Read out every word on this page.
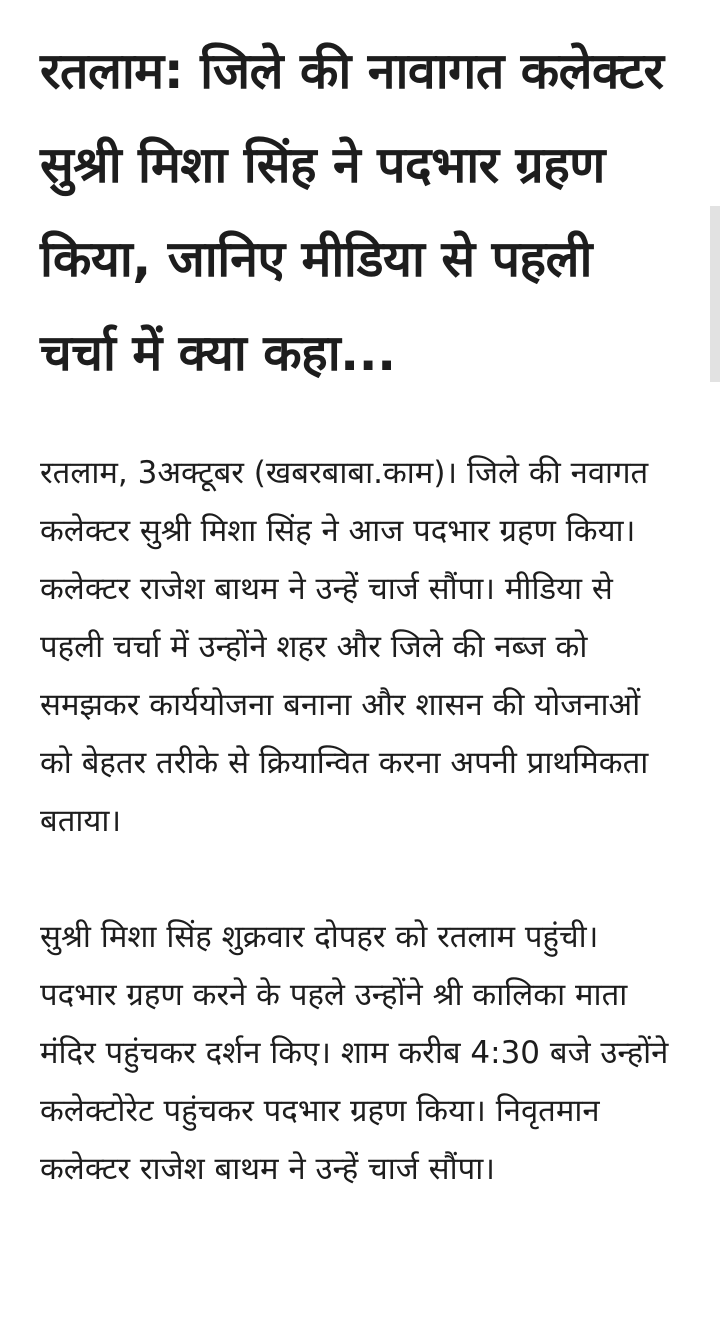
रतलाम: जिले की नावागत कलेक्टर सुश्री मिशा सिंह ने पदभार ग्रहण किया, जानिए मीडिया से पहली चर्चा में क्या कहा...

रतलाम, 3अक्टूबर (खबरबाबा.काम)। जिले की नवागत कलेक्टर सुश्री मिशा सिंह ने आज पदभार ग्रहण किया। कलेक्टर राजेश बाथम ने उन्हें चार्ज सौंपा। मीडिया से पहली चर्चा में उन्होंने शहर और जिले की नब्ज को समझकर कार्ययोजना बनाना और शासन की योजनाओं को बेहतर तरीके से क्रियान्वित करना अपनी प्राथमिकता बताया।

सुश्री मिशा सिंह शुक्रवार दोपहर को रतलाम पहुंची। पदभार ग्रहण करने के पहले उन्होंने श्री कालिका माता मंदिर पहुंचकर दर्शन किए। शाम करीब 4:30 बजे उन्होंने कलेक्टोरेट पहुंचकर पदभार ग्रहण किया। निवृतमान कलेक्टर राजेश बाथम ने उन्हें चार्ज सौंपा।
